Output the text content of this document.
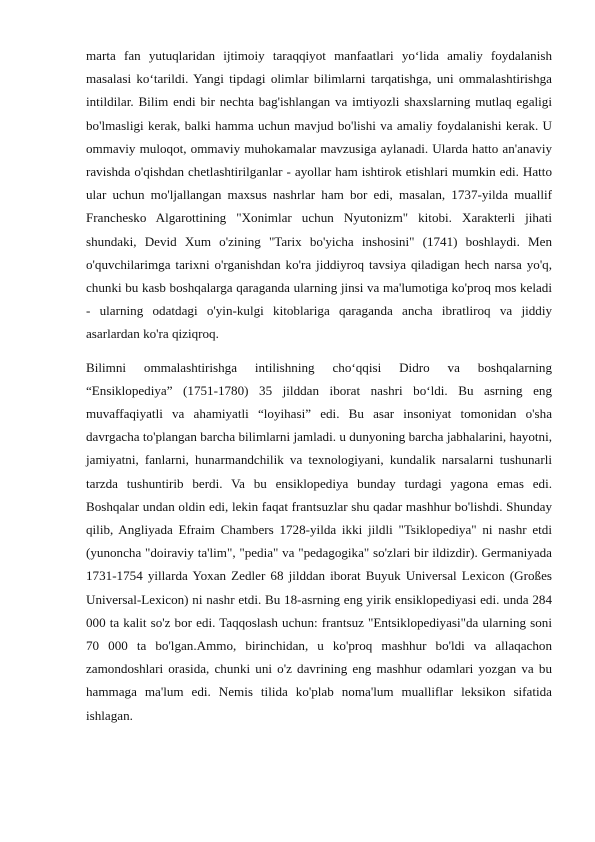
marta fan yutuqlaridan ijtimoiy taraqqiyot manfaatlari yo‘lida amaliy foydalanish masalasi ko‘tarildi. Yangi tipdagi olimlar bilimlarni tarqatishga, uni ommalashtirishga intildilar. Bilim endi bir nechta bag'ishlangan va imtiyozli shaxslarning mutlaq egaligi bo'lmasligi kerak, balki hamma uchun mavjud bo'lishi va amaliy foydalanishi kerak. U ommaviy muloqot, ommaviy muhokamalar mavzusiga aylanadi. Ularda hatto an'anaviy ravishda o'qishdan chetlashtirilganlar - ayollar ham ishtirok etishlari mumkin edi. Hatto ular uchun mo'ljallangan maxsus nashrlar ham bor edi, masalan, 1737-yilda muallif Franchesko Algarottining "Xonimlar uchun Nyutonizm" kitobi. Xarakterli jihati shundaki, Devid Xum o'zining "Tarix bo'yicha inshosini" (1741) boshlaydi. Men o'quvchilarimga tarixni o'rganishdan ko'ra jiddiyroq tavsiya qiladigan hech narsa yo'q, chunki bu kasb boshqalarga qaraganda ularning jinsi va ma'lumotiga ko'proq mos keladi - ularning odatdagi o'yin-kulgi kitoblariga qaraganda ancha ibratliroq va jiddiy asarlardan ko'ra qiziqroq.

Bilimni ommalashtirishga intilishning cho‘qqisi Didro va boshqalarning “Ensiklopediya” (1751-1780) 35 jilddan iborat nashri bo‘ldi. Bu asrning eng muvaffaqiyatli va ahamiyatli “loyihasi” edi. Bu asar insoniyat tomonidan o'sha davrgacha to'plangan barcha bilimlarni jamladi. u dunyoning barcha jabhalarini, hayotni, jamiyatni, fanlarni, hunarmandchilik va texnologiyani, kundalik narsalarni tushunarli tarzda tushuntirib berdi. Va bu ensiklopediya bunday turdagi yagona emas edi. Boshqalar undan oldin edi, lekin faqat frantsuzlar shu qadar mashhur bo'lishdi. Shunday qilib, Angliyada Efraim Chambers 1728-yilda ikki jildli "Tsiklopediya" ni nashr etdi (yunoncha "doiraviy ta'lim", "pedia" va "pedagogika" so'zlari bir ildizdir). Germaniyada 1731-1754 yillarda Yoxan Zedler 68 jilddan iborat Buyuk Universal Lexicon (Großes Universal-Lexicon) ni nashr etdi. Bu 18-asrning eng yirik ensiklopediyasi edi. unda 284 000 ta kalit so'z bor edi. Taqqoslash uchun: frantsuz "Entsiklopediyasi"da ularning soni 70 000 ta bo'lgan.Ammo, birinchidan, u ko'proq mashhur bo'ldi va allaqachon zamondoshlari orasida, chunki uni o'z davrining eng mashhur odamlari yozgan va bu hammaga ma'lum edi. Nemis tilida ko'plab noma'lum mualliflar leksikon sifatida ishlagan.
